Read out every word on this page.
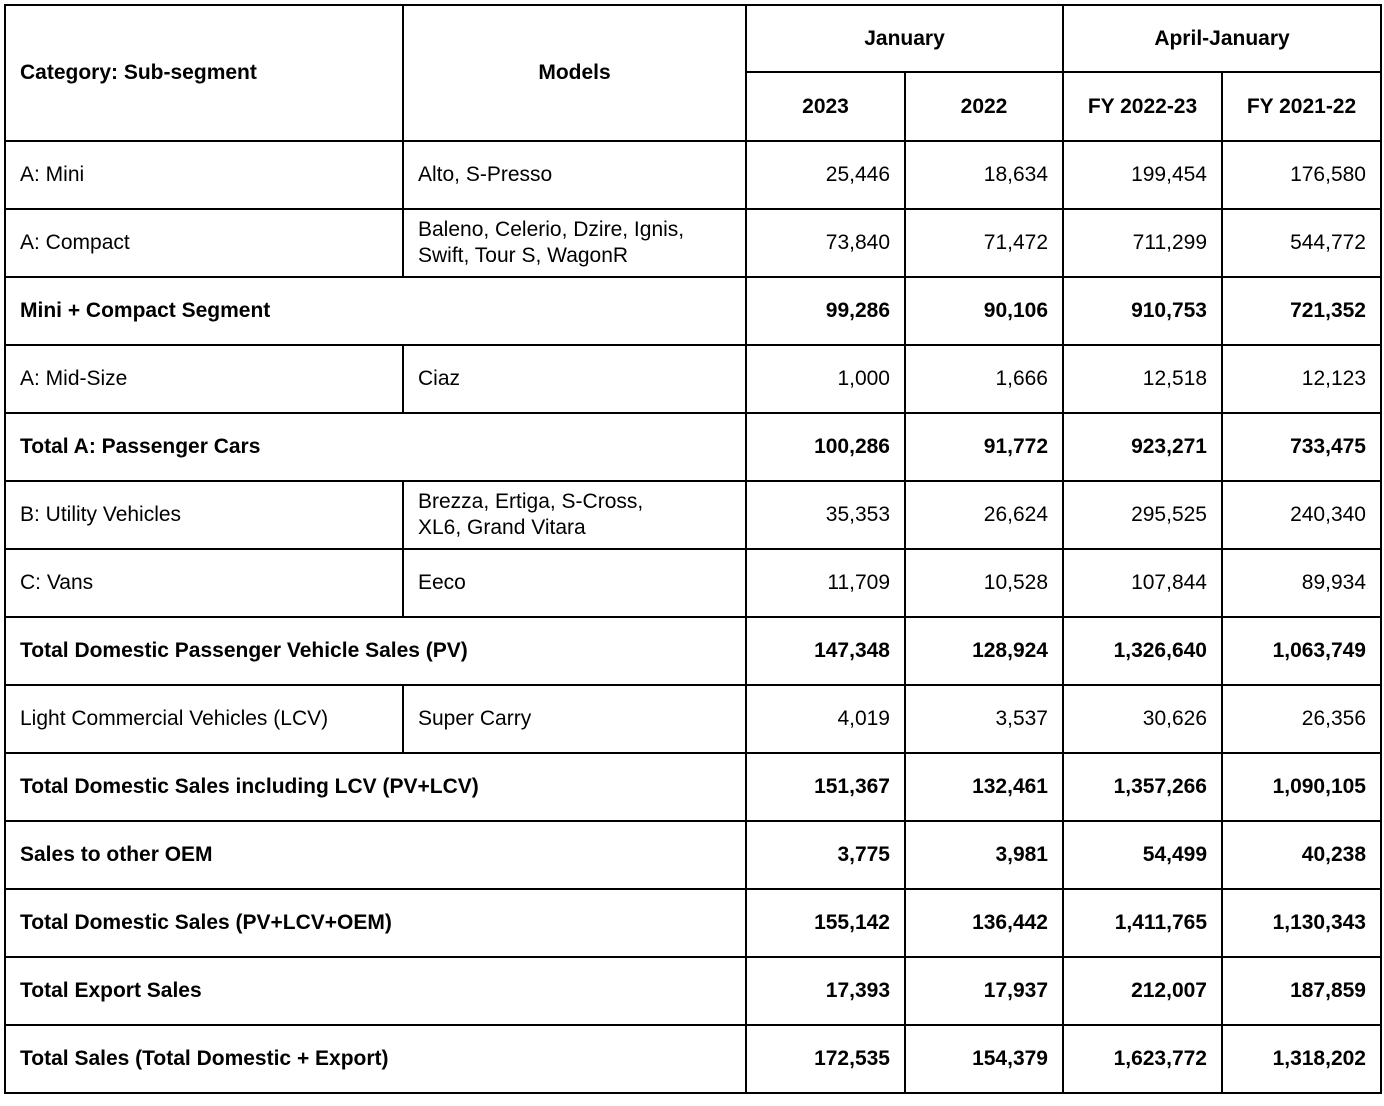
Category: Sub-segment	Models	January		April-January	
		2023	2022	FY 2022-23	FY 2021-22
A: Mini	Alto, S-Presso	25,446	18,634	199,454	176,580
A: Compact	Baleno, Celerio, Dzire, Ignis,
Swift, Tour S, WagonR	73,840	71,472	711,299	544,772
Mini + Compact Segment		99,286	90,106	910,753	721,352
A: Mid-Size	Ciaz	1,000	1,666	12,518	12,123
Total A: Passenger Cars		100,286	91,772	923,271	733,475
B: Utility Vehicles	Brezza, Ertiga, S-Cross,
XL6, Grand Vitara	35,353	26,624	295,525	240,340
C: Vans	Eeco	11,709	10,528	107,844	89,934
Total Domestic Passenger Vehicle Sales (PV)		147,348	128,924	1,326,640	1,063,749
Light Commercial Vehicles (LCV)	Super Carry	4,019	3,537	30,626	26,356
Total Domestic Sales including LCV (PV+LCV)		151,367	132,461	1,357,266	1,090,105
Sales to other OEM		3,775	3,981	54,499	40,238
Total Domestic Sales (PV+LCV+OEM)		155,142	136,442	1,411,765	1,130,343
Total Export Sales		17,393	17,937	212,007	187,859
Total Sales (Total Domestic + Export)		172,535	154,379	1,623,772	1,318,202
